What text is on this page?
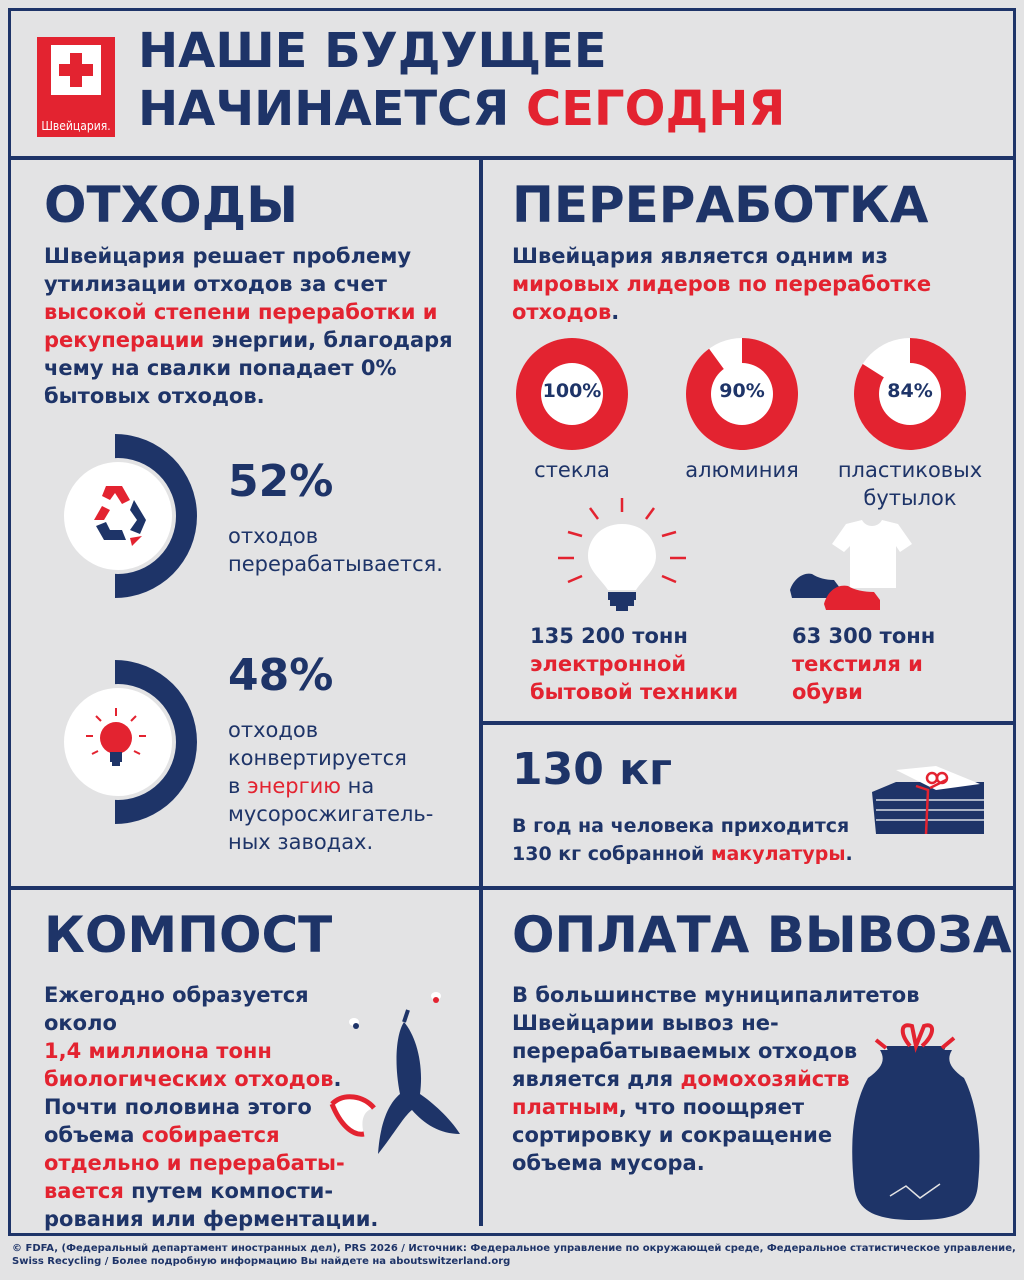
Швейцария.
НАШЕ БУДУЩЕЕ
НАЧИНАЕТСЯ СЕГОДНЯ
ОТХОДЫ
Швейцария решает проблему
утилизации отходов за счет
высокой степени переработки и
рекуперации энергии, благодаря
чему на свалки попадает 0%
бытовых отходов.
52%
отходов
перерабатывается.
48%
отходов
конвертируется
в энергию на
мусоросжигатель-
ных заводах.
ПЕРЕРАБОТКА
Швейцария является одним из
мировых лидеров по переработке
отходов.
100%	90%	84%
стекла	алюминия	пластиковых
бутылок
135 200 тонн
электронной
бытовой техники
63 300 тонн
текстиля и
обуви
130 кг
В год на человека приходится
130 кг собранной макулатуры.
КОМПОСТ
Ежегодно образуется около
1,4 миллиона тонн
биологических отходов.
Почти половина этого
объема собирается
отдельно и перерабаты-
вается путем компости-
рования или ферментации.
ОПЛАТА ВЫВОЗА
В большинстве муниципалитетов
Швейцарии вывоз не-
перерабатываемых отходов
является для домохозяйств
платным, что поощряет
сортировку и сокращение
объема мусора.
© FDFA, (Федеральный департамент иностранных дел), PRS 2026 / Источник: Федеральное управление по окружающей среде, Федеральное статистическое управление,
Swiss Recycling / Более подробную информацию Вы найдете на aboutswitzerland.org
